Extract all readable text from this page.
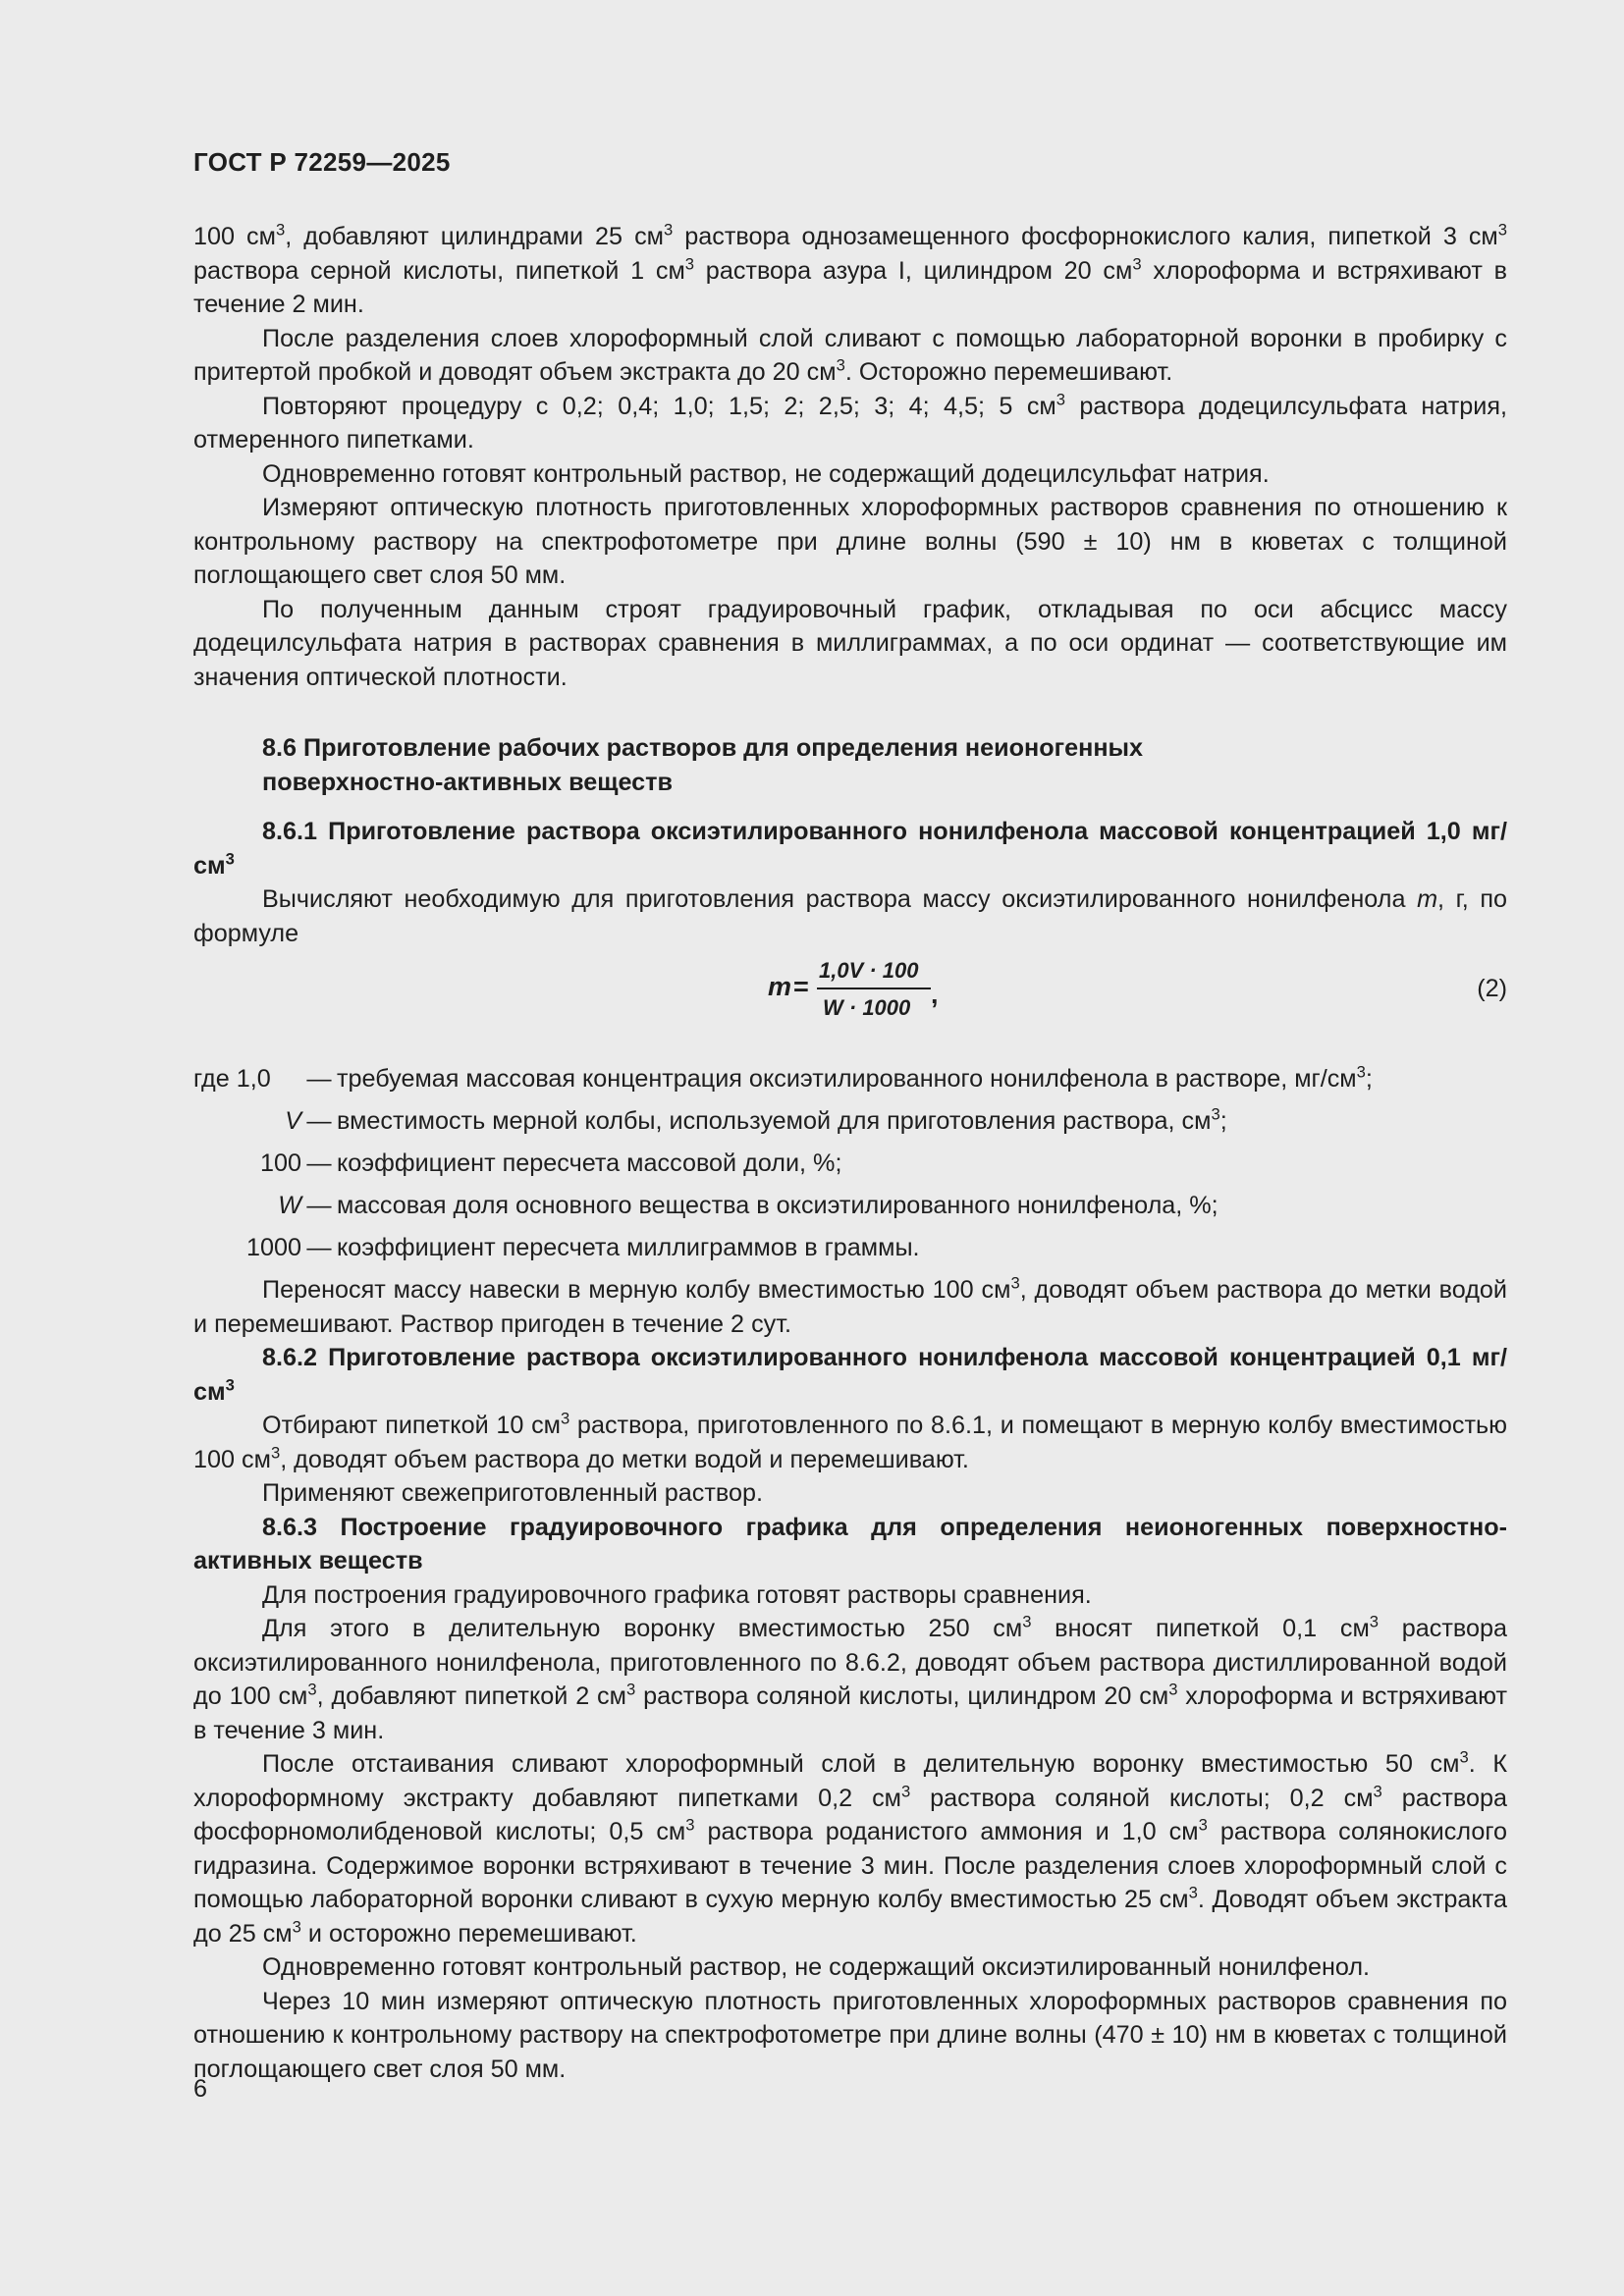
ГОСТ Р 72259—2025

100 $см^3$, добавляют цилиндрами 25 $см^3$ раствора однозамещенного фосфорнокислого калия, пипеткой 3 $см^3$ раствора серной кислоты, пипеткой 1 $см^3$ раствора азура I, цилиндром 20 $см^3$ хлороформа и встряхивают в течение 2 мин.

После разделения слоев хлороформный слой сливают с помощью лабораторной воронки в пробирку с притертой пробкой и доводят объем экстракта до 20 $см^3$. Осторожно перемешивают.

Повторяют процедуру с 0,2; 0,4; 1,0; 1,5; 2; 2,5; 3; 4; 4,5; 5 $см^3$ раствора додецилсульфата натрия, отмеренного пипетками.

Одновременно готовят контрольный раствор, не содержащий додецилсульфат натрия.

Измеряют оптическую плотность приготовленных хлороформных растворов сравнения по отношению к контрольному раствору на спектрофотометре при длине волны (590 ± 10) нм в кюветах с толщиной поглощающего свет слоя 50 мм.

По полученным данным строят градуировочный график, откладывая по оси абсцисс массу додецилсульфата натрия в растворах сравнения в миллиграммах, а по оси ординат — соответствующие им значения оптической плотности.

8.6 Приготовление рабочих растворов для определения неионогенных
поверхностно-активных веществ

8.6.1 Приготовление раствора оксиэтилированного нонилфенола массовой концентрацией 1,0 $мг/см^3$

Вычисляют необходимую для приготовления раствора массу оксиэтилированного нонилфенола m, г, по формуле

m =
1,0V · 100
W · 1000 ,	(2)
где 1,0	— требуемая массовая концентрация оксиэтилированного нонилфенола в растворе, $мг/см^3$;
V — вместимость мерной колбы, используемой для приготовления раствора, $см^3$;
100 — коэффициент пересчета массовой доли, %;
W — массовая доля основного вещества в оксиэтилированного нонилфенола, %;
1000 — коэффициент пересчета миллиграммов в граммы.

Переносят массу навески в мерную колбу вместимостью 100 $см^3$, доводят объем раствора до метки водой и перемешивают. Раствор пригоден в течение 2 сут.

8.6.2 Приготовление раствора оксиэтилированного нонилфенола массовой концентрацией 0,1 $мг/см^3$

Отбирают пипеткой 10 $см^3$ раствора, приготовленного по 8.6.1, и помещают в мерную колбу вместимостью 100 $см^3$, доводят объем раствора до метки водой и перемешивают.

Применяют свежеприготовленный раствор.

8.6.3 Построение градуировочного графика для определения неионогенных поверхностно-активных веществ

Для построения градуировочного графика готовят растворы сравнения.

Для этого в делительную воронку вместимостью 250 $см^3$ вносят пипеткой 0,1 $см^3$ раствора оксиэтилированного нонилфенола, приготовленного по 8.6.2, доводят объем раствора дистиллированной водой до 100 $см^3$, добавляют пипеткой 2 $см^3$ раствора соляной кислоты, цилиндром 20 $см^3$ хлороформа и встряхивают в течение 3 мин.

После отстаивания сливают хлороформный слой в делительную воронку вместимостью 50 $см^3$. К хлороформному экстракту добавляют пипетками 0,2 $см^3$ раствора соляной кислоты; 0,2 $см^3$ раствора фосфорномолибденовой кислоты; 0,5 $см^3$ раствора роданистого аммония и 1,0 $см^3$ раствора солянокислого гидразина. Содержимое воронки встряхивают в течение 3 мин. После разделения слоев хлороформный слой с помощью лабораторной воронки сливают в сухую мерную колбу вместимостью 25 $см^3$. Доводят объем экстракта до 25 $см^3$ и осторожно перемешивают.

Одновременно готовят контрольный раствор, не содержащий оксиэтилированный нонилфенол.

Через 10 мин измеряют оптическую плотность приготовленных хлороформных растворов сравнения по отношению к контрольному раствору на спектрофотометре при длине волны (470 ± 10) нм в кюветах с толщиной поглощающего свет слоя 50 мм.

6
